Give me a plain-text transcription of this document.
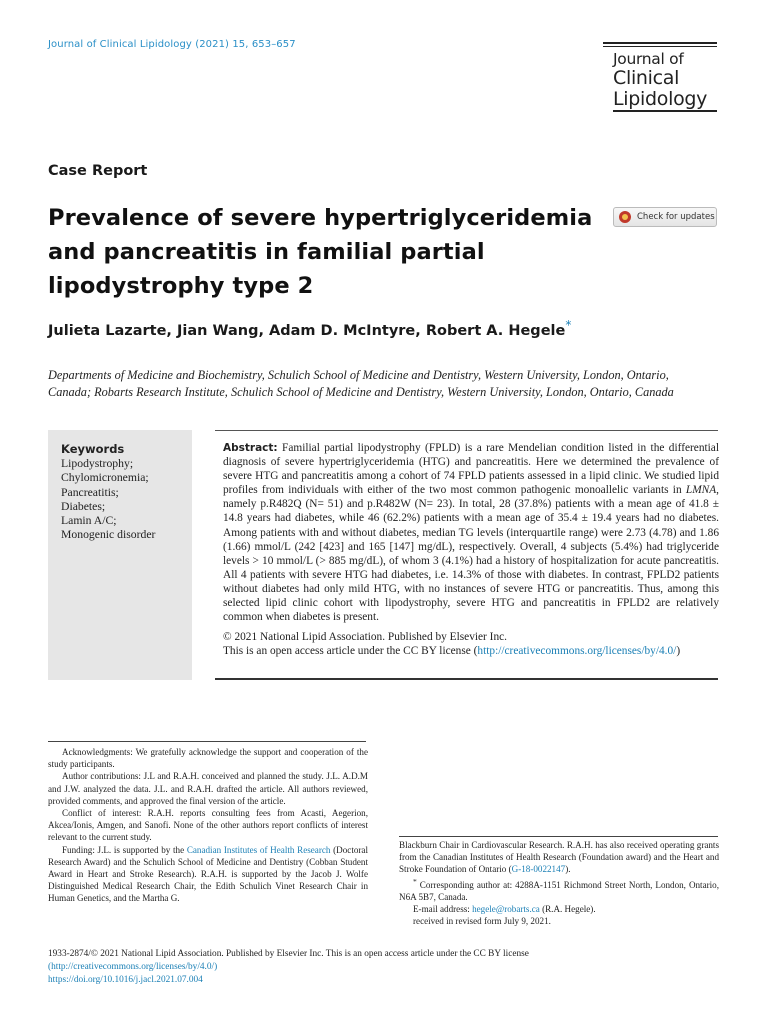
Journal of Clinical Lipidology (2021) 15, 653–657
Journal of
Clinical
Lipidology
Case Report
Prevalence of severe hypertriglyceridemia and pancreatitis in familial partial lipodystrophy type 2
Check for updates
Julieta Lazarte, Jian Wang, Adam D. McIntyre, Robert A. Hegele*
Departments of Medicine and Biochemistry, Schulich School of Medicine and Dentistry, Western University, London, Ontario, Canada; Robarts Research Institute, Schulich School of Medicine and Dentistry, Western University, London, Ontario, Canada
Keywords
Lipodystrophy;
Chylomicronemia;
Pancreatitis;
Diabetes;
Lamin A/C;
Monogenic disorder
Abstract: Familial partial lipodystrophy (FPLD) is a rare Mendelian condition listed in the differential diagnosis of severe hypertriglyceridemia (HTG) and pancreatitis. Here we determined the prevalence of severe HTG and pancreatitis among a cohort of 74 FPLD patients assessed in a lipid clinic. We studied lipid profiles from individuals with either of the two most common pathogenic monoallelic variants in LMNA, namely p.R482Q (N= 51) and p.R482W (N= 23). In total, 28 (37.8%) patients with a mean age of 41.8 ± 14.8 years had diabetes, while 46 (62.2%) patients with a mean age of 35.4 ± 19.4 years had no diabetes. Among patients with and without diabetes, median TG levels (interquartile range) were 2.73 (4.78) and 1.86 (1.66) mmol/L (242 [423] and 165 [147] mg/dL), respectively. Overall, 4 subjects (5.4%) had triglyceride levels > 10 mmol/L (> 885 mg/dL), of whom 3 (4.1%) had a history of hospitalization for acute pancreatitis. All 4 patients with severe HTG had diabetes, i.e. 14.3% of those with diabetes. In contrast, FPLD2 patients without diabetes had only mild HTG, with no instances of severe HTG or pancreatitis. Thus, among this selected lipid clinic cohort with lipodystrophy, severe HTG and pancreatitis in FPLD2 are relatively common when diabetes is present.
© 2021 National Lipid Association. Published by Elsevier Inc.
This is an open access article under the CC BY license (http://creativecommons.org/licenses/by/4.0/)
Acknowledgments: We gratefully acknowledge the support and cooperation of the study participants.
Author contributions: J.L and R.A.H. conceived and planned the study. J.L. A.D.M and J.W. analyzed the data. J.L. and R.A.H. drafted the article. All authors reviewed, provided comments, and approved the final version of the article.
Conflict of interest: R.A.H. reports consulting fees from Acasti, Aegerion, Akcea/Ionis, Amgen, and Sanofi. None of the other authors report conflicts of interest relevant to the current study.
Funding: J.L. is supported by the Canadian Institutes of Health Research (Doctoral Research Award) and the Schulich School of Medicine and Dentistry (Cobban Student Award in Heart and Stroke Research). R.A.H. is supported by the Jacob J. Wolfe Distinguished Medical Research Chair, the Edith Schulich Vinet Research Chair in Human Genetics, and the Martha G.
Blackburn Chair in Cardiovascular Research. R.A.H. has also received operating grants from the Canadian Institutes of Health Research (Foundation award) and the Heart and Stroke Foundation of Ontario (G-18-0022147).
* Corresponding author at: 4288A-1151 Richmond Street North, London, Ontario, N6A 5B7, Canada.
E-mail address: hegele@robarts.ca (R.A. Hegele).
received in revised form July 9, 2021.
1933-2874/© 2021 National Lipid Association. Published by Elsevier Inc. This is an open access article under the CC BY license
(http://creativecommons.org/licenses/by/4.0/)
https://doi.org/10.1016/j.jacl.2021.07.004
